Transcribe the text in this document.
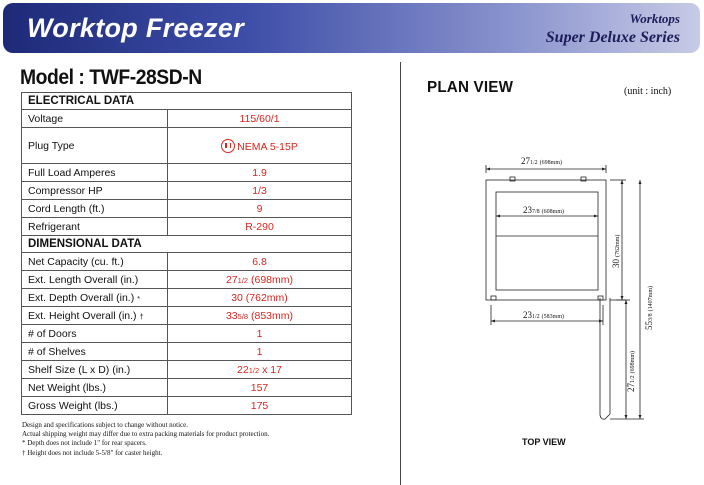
Worktop Freezer	Worktops
Super Deluxe Series
Model : TWF-28SD-N
ELECTRICAL DATA	
Voltage	115/60/1
Plug Type	NEMA 5-15P
Full Load Amperes	1.9
Compressor HP	1/3
Cord Length (ft.)	9
Refrigerant	R-290
DIMENSIONAL DATA	
Net Capacity (cu. ft.)	6.8
Ext. Length Overall (in.)	271/2 (698mm)
Ext. Depth Overall (in.) *	30 (762mm)
Ext. Height Overall (in.) †	335/8 (853mm)
# of Doors	1
# of Shelves	1
Shelf Size (L x D) (in.)	221/2 x 17
Net Weight (lbs.)	157
Gross Weight (lbs.)	175
Design and specifications subject to change without notice.
Actual shipping weight may differ due to extra packing materials for product protection.
* Depth does not include 1" for rear spacers.
† Height does not include 5-5/8" for caster height.
PLAN VIEW	(unit : inch)
271/2 (698mm)
237/8 (608mm)
231/2 (583mm)
30(762mm)
553/8(1407mm)
271/2(698mm)
TOP VIEW
